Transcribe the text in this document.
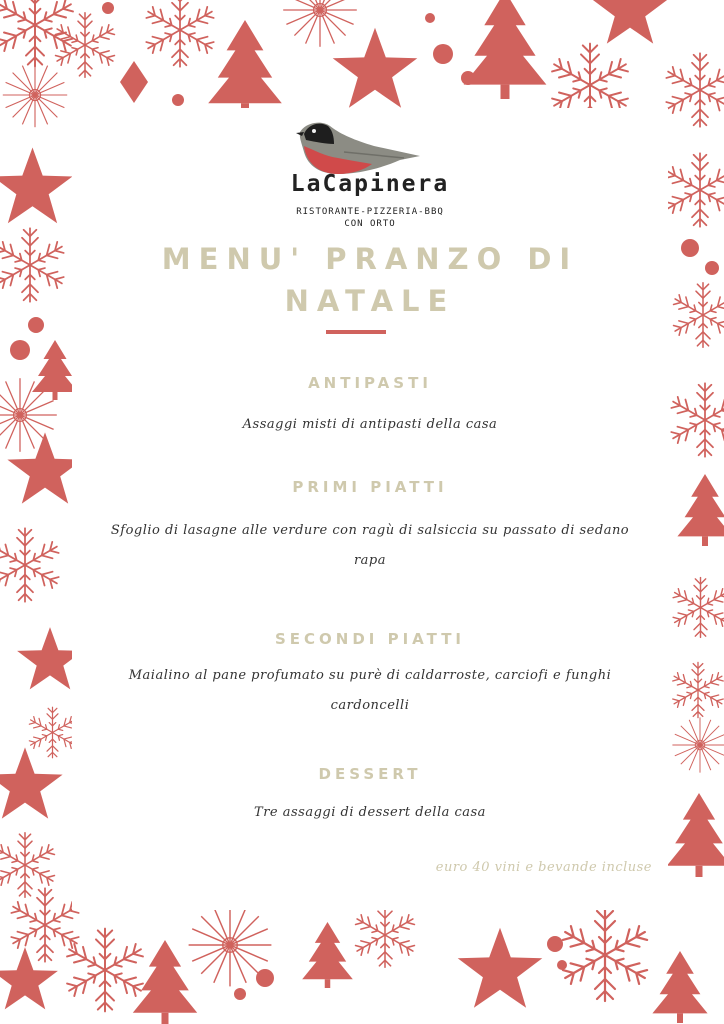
LaCapinera
RISTORANTE-PIZZERIA-BBQ
CON ORTO
MENU' PRANZO DI NATALE
ANTIPASTI
Assaggi misti di antipasti della casa
PRIMI PIATTI
Sfoglio di lasagne alle verdure con ragù di salsiccia su passato di sedano rapa
SECONDI PIATTI
Maialino al pane profumato su purè di caldarroste, carciofi e funghi cardoncelli
DESSERT
Tre assaggi di dessert della casa
euro 40 vini e bevande incluse
